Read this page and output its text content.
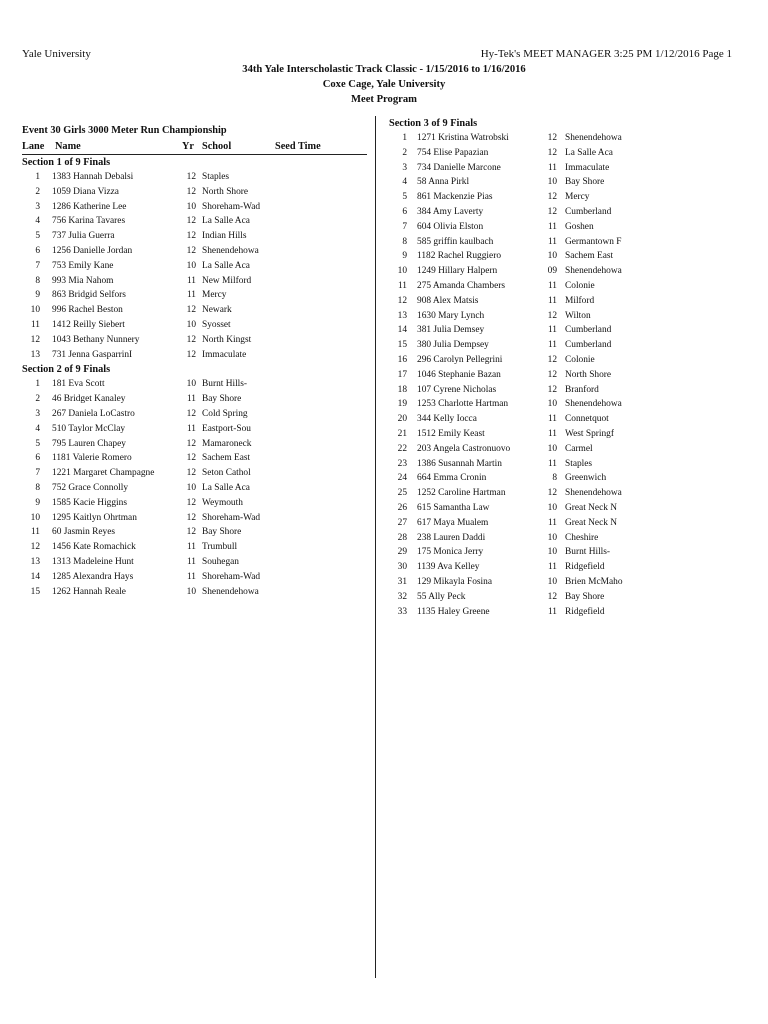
Yale University	Hy-Tek's MEET MANAGER 3:25 PM 1/12/2016 Page 1
34th Yale Interscholastic Track Classic - 1/15/2016 to 1/16/2016
Coxe Cage, Yale University
Meet Program
Event 30 Girls 3000 Meter Run Championship
Lane	Name	Yr School	Seed Time
Section 1 of 9 Finals
1	1383 Hannah Debalsi	12 Staples
2	1059 Diana Vizza	12 North Shore
3	1286 Katherine Lee	10 Shoreham-Wad
4	756 Karina Tavares	12 La Salle Aca
5	737 Julia Guerra	12 Indian Hills
6	1256 Danielle Jordan	12 Shenendehowa
7	753 Emily Kane	10 La Salle Aca
8	993 Mia Nahom	11 New Milford
9	863 Bridgid Selfors	11 Mercy
10	996 Rachel Beston	12 Newark
11	1412 Reilly Siebert	10 Syosset
12	1043 Bethany Nunnery	12 North Kingst
13	731 Jenna GasparrinI	12 Immaculate
Section 2 of 9 Finals
1	181 Eva Scott	10 Burnt Hills-
2	46 Bridget Kanaley	11 Bay Shore
3	267 Daniela LoCastro	12 Cold Spring
4	510 Taylor McClay	11 Eastport-Sou
5	795 Lauren Chapey	12 Mamaroneck
6	1181 Valerie Romero	12 Sachem East
7	1221 Margaret Champagne	12 Seton Cathol
8	752 Grace Connolly	10 La Salle Aca
9	1585 Kacie Higgins	12 Weymouth
10	1295 Kaitlyn Ohrtman	12 Shoreham-Wad
11	60 Jasmin Reyes	12 Bay Shore
12	1456 Kate Romachick	11 Trumbull
13	1313 Madeleine Hunt	11 Souhegan
14	1285 Alexandra Hays	11 Shoreham-Wad
15	1262 Hannah Reale	10 Shenendehowa
Section 3 of 9 Finals
1	1271 Kristina Watrobski	12 Shenendehowa
2	754 Elise Papazian	12 La Salle Aca
3	734 Danielle Marcone	11 Immaculate
4	58 Anna Pirkl	10 Bay Shore
5	861 Mackenzie Pias	12 Mercy
6	384 Amy Laverty	12 Cumberland
7	604 Olivia Elston	11 Goshen
8	585 griffin kaulbach	11 Germantown F
9	1182 Rachel Ruggiero	10 Sachem East
10	1249 Hillary Halpern	09 Shenendehowa
11	275 Amanda Chambers	11 Colonie
12	908 Alex Matsis	11 Milford
13	1630 Mary Lynch	12 Wilton
14	381 Julia Demsey	11 Cumberland
15	380 Julia Dempsey	11 Cumberland
16	296 Carolyn Pellegrini	12 Colonie
17	1046 Stephanie Bazan	12 North Shore
18	107 Cyrene Nicholas	12 Branford
19	1253 Charlotte Hartman	10 Shenendehowa
20	344 Kelly Iocca	11 Connetquot
21	1512 Emily Keast	11 West Springf
22	203 Angela Castronuovo	10 Carmel
23	1386 Susannah Martin	11 Staples
24	664 Emma Cronin	8 Greenwich
25	1252 Caroline Hartman	12 Shenendehowa
26	615 Samantha Law	10 Great Neck N
27	617 Maya Mualem	11 Great Neck N
28	238 Lauren Daddi	10 Cheshire
29	175 Monica Jerry	10 Burnt Hills-
30	1139 Ava Kelley	11 Ridgefield
31	129 Mikayla Fosina	10 Brien McMaho
32	55 Ally Peck	12 Bay Shore
33	1135 Haley Greene	11 Ridgefield
